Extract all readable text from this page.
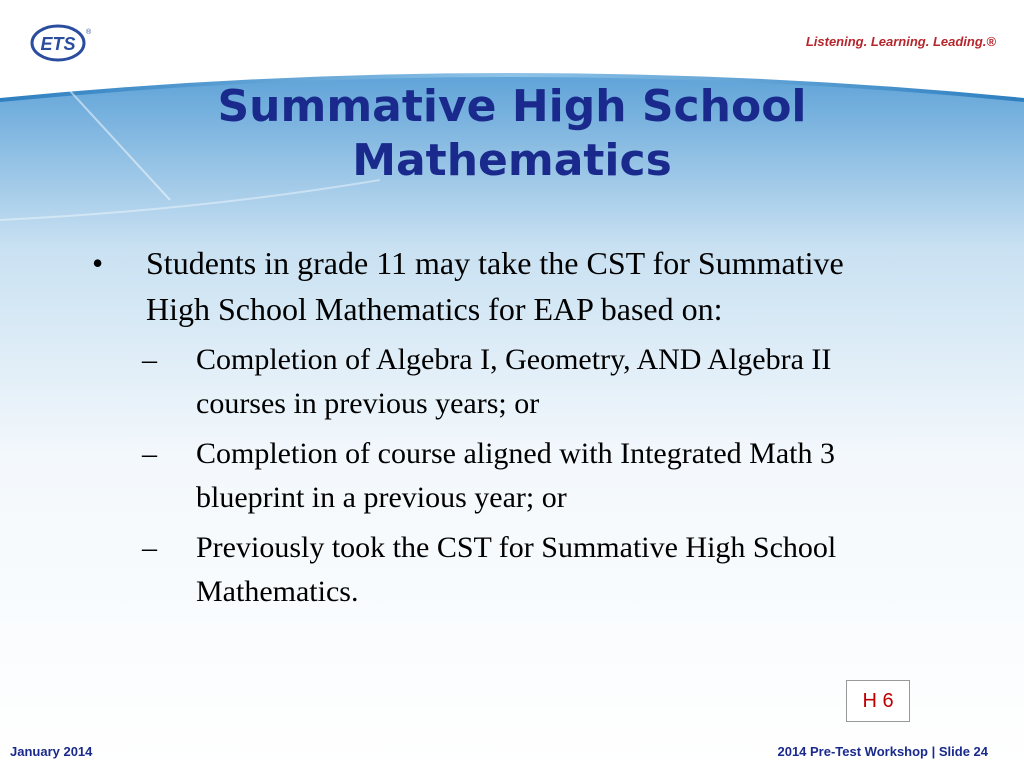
ETS
®
Listening. Learning. Leading.®
Summative High School
Mathematics
•	Students in grade 11 may take the CST for Summative High School Mathematics for EAP based on:
–	Completion of Algebra I, Geometry, AND Algebra II courses in previous years; or
–	Completion of course aligned with Integrated Math 3 blueprint in a previous year; or
–	Previously took the CST for Summative High School Mathematics.
H 6
January 2014	2014 Pre-Test Workshop | Slide 24
